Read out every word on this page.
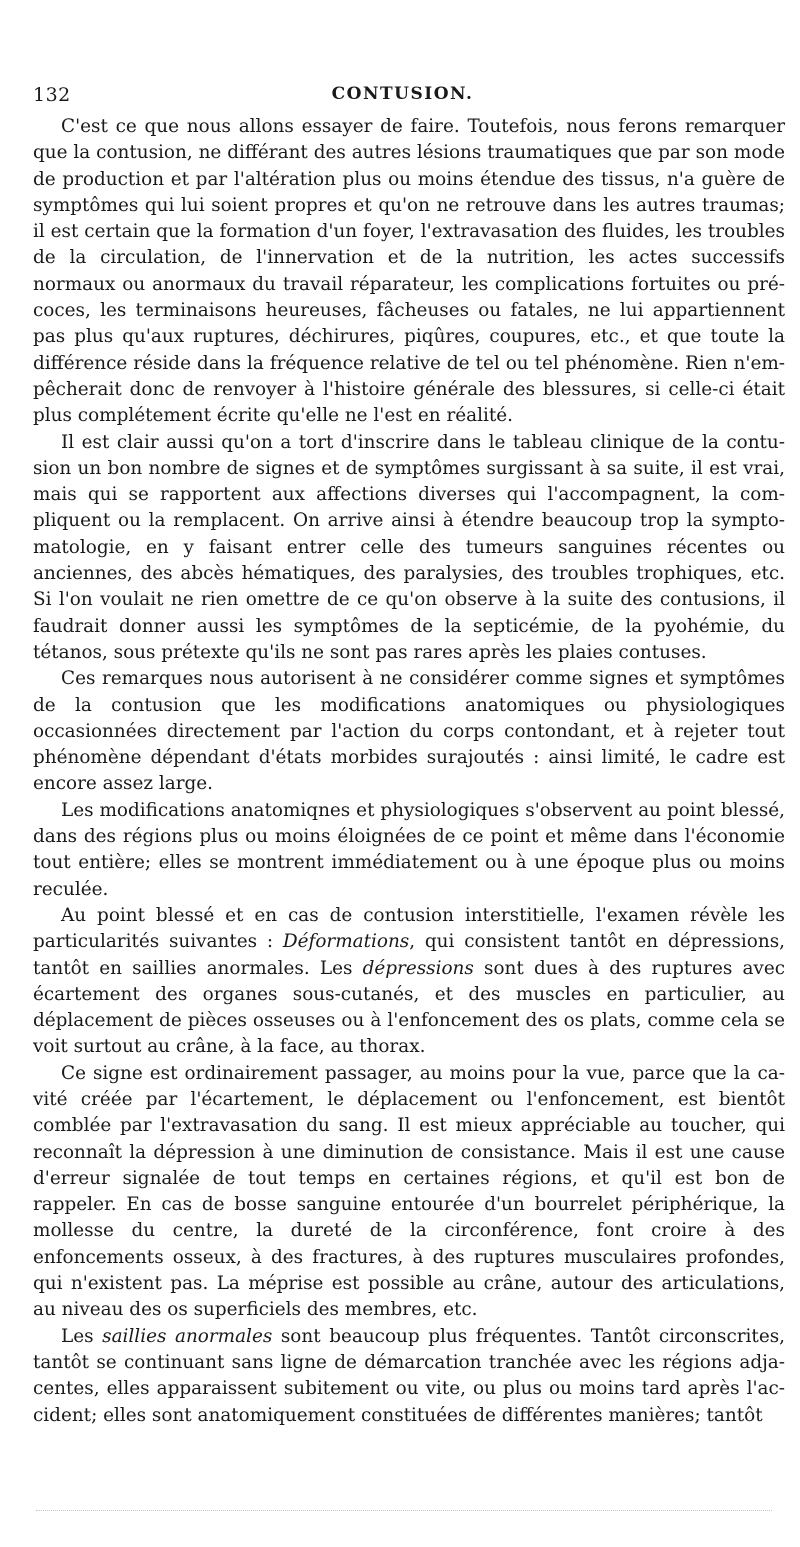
132	CONTUSION.

C'est ce que nous allons essayer de faire. Toutefois, nous ferons remarquer que la contusion, ne différant des autres lésions traumatiques que par son mode de production et par l'altération plus ou moins étendue des tissus, n'a guère de symptômes qui lui soient propres et qu'on ne retrouve dans les autres traumas; il est certain que la formation d'un foyer, l'extravasation des fluides, les troubles de la circulation, de l'innervation et de la nutrition, les actes successifs normaux ou anormaux du travail réparateur, les complications fortuites ou précoces, les terminaisons heureuses, fâcheuses ou fatales, ne lui appartiennent pas plus qu'aux ruptures, déchirures, piqûres, coupures, etc., et que toute la différence réside dans la fréquence relative de tel ou tel phénomène. Rien n'empêcherait donc de renvoyer à l'histoire générale des blessures, si celle-ci était plus complétement écrite qu'elle ne l'est en réalité.

Il est clair aussi qu'on a tort d'inscrire dans le tableau clinique de la contusion un bon nombre de signes et de symptômes surgissant à sa suite, il est vrai, mais qui se rapportent aux affections diverses qui l'accompagnent, la compliquent ou la remplacent. On arrive ainsi à étendre beaucoup trop la symptomatologie, en y faisant entrer celle des tumeurs sanguines récentes ou anciennes, des abcès hématiques, des paralysies, des troubles trophiques, etc. Si l'on voulait ne rien omettre de ce qu'on observe à la suite des contusions, il faudrait donner aussi les symptômes de la septicémie, de la pyohémie, du tétanos, sous prétexte qu'ils ne sont pas rares après les plaies contuses.

Ces remarques nous autorisent à ne considérer comme signes et symptômes de la contusion que les modifications anatomiques ou physiologiques occasionnées directement par l'action du corps contondant, et à rejeter tout phénomène dépendant d'états morbides surajoutés : ainsi limité, le cadre est encore assez large.

Les modifications anatomiqnes et physiologiques s'observent au point blessé, dans des régions plus ou moins éloignées de ce point et même dans l'économie tout entière; elles se montrent immédiatement ou à une époque plus ou moins reculée.

Au point blessé et en cas de contusion interstitielle, l'examen révèle les particularités suivantes : Déformations, qui consistent tantôt en dépressions, tantôt en saillies anormales. Les dépressions sont dues à des ruptures avec écartement des organes sous-cutanés, et des muscles en particulier, au déplacement de pièces osseuses ou à l'enfoncement des os plats, comme cela se voit surtout au crâne, à la face, au thorax.

Ce signe est ordinairement passager, au moins pour la vue, parce que la cavité créée par l'écartement, le déplacement ou l'enfoncement, est bientôt comblée par l'extravasation du sang. Il est mieux appréciable au toucher, qui reconnaît la dépression à une diminution de consistance. Mais il est une cause d'erreur signalée de tout temps en certaines régions, et qu'il est bon de rappeler. En cas de bosse sanguine entourée d'un bourrelet périphérique, la mollesse du centre, la dureté de la circonférence, font croire à des enfoncements osseux, à des fractures, à des ruptures musculaires profondes, qui n'existent pas. La méprise est possible au crâne, autour des articulations, au niveau des os superficiels des membres, etc.

Les saillies anormales sont beaucoup plus fréquentes. Tantôt circonscrites, tantôt se continuant sans ligne de démarcation tranchée avec les régions adjacentes, elles apparaissent subitement ou vite, ou plus ou moins tard après l'accident; elles sont anatomiquement constituées de différentes manières; tantôt
